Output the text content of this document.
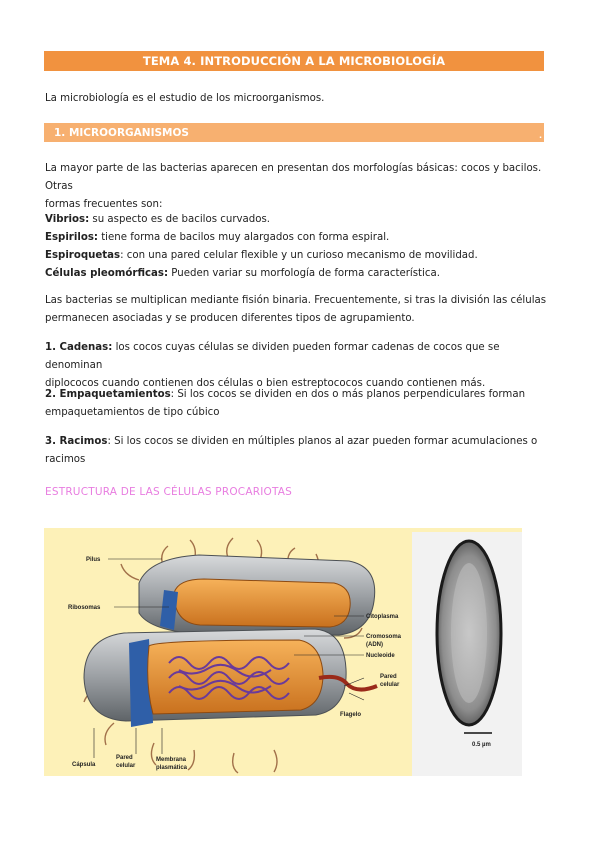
TEMA 4. INTRODUCCIÓN A LA MICROBIOLOGÍA
La microbiología es el estudio de los microorganismos.
1. MICROORGANISMOS	.
La mayor parte de las bacterias aparecen en presentan dos morfologías básicas: cocos y bacilos. Otras
formas frecuentes son:
Vibrios: su aspecto es de bacilos curvados.
Espirilos: tiene forma de bacilos muy alargados con forma espiral.
Espiroquetas: con una pared celular flexible y un curioso mecanismo de movilidad.
Células pleomórficas: Pueden variar su morfología de forma característica.
Las bacterias se multiplican mediante fisión binaria. Frecuentemente, si tras la división las células
permanecen asociadas y se producen diferentes tipos de agrupamiento.
1. Cadenas: los cocos cuyas células se dividen pueden formar cadenas de cocos que se denominan
diplococos cuando contienen dos células o bien estreptococos cuando contienen más.
2. Empaquetamientos: Si los cocos se dividen en dos o más planos perpendiculares forman
empaquetamientos de tipo cúbico
3. Racimos: Si los cocos se dividen en múltiples planos al azar pueden formar acumulaciones o racimos
ESTRUCTURA DE LAS CÉLULAS PROCARIOTAS
Pilus
Ribosomas
Citoplasma
Cromosoma
(ADN)
Nucleoide
Pared
celular
Flagelo
Cápsula
Pared
celular
Membrana
plasmática
0.5 µm
